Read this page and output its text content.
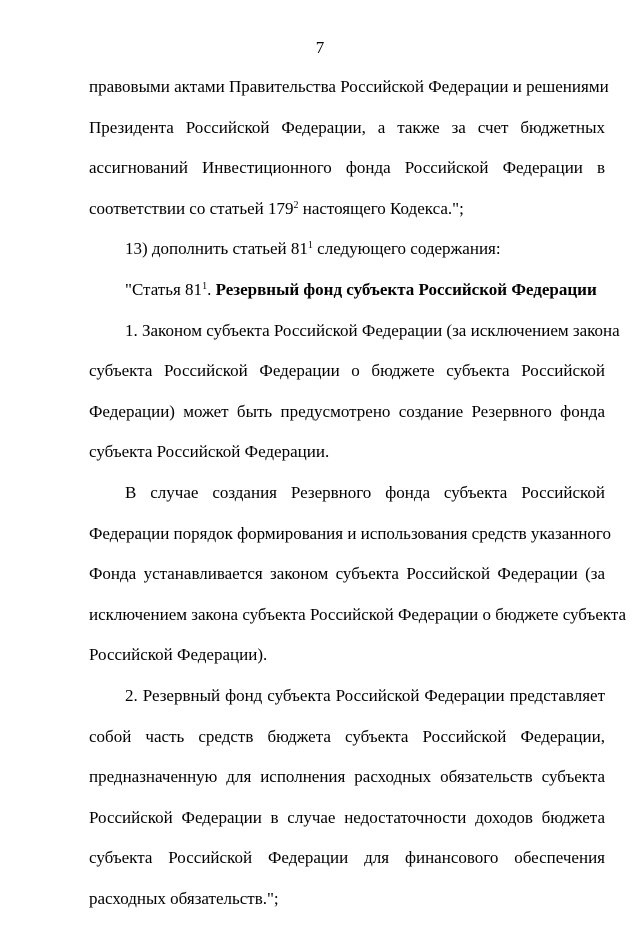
7
правовыми актами Правительства Российской Федерации и решениями
Президента Российской Федерации, а также за счет бюджетных
ассигнований Инвестиционного фонда Российской Федерации в
соответствии со статьей $179^2$ настоящего Кодекса.";
13) дополнить статьей $81^1$ следующего содержания:
"Статья $81^1$. Резервный фонд субъекта Российской Федерации
1. Законом субъекта Российской Федерации (за исключением закона
субъекта Российской Федерации о бюджете субъекта Российской
Федерации) может быть предусмотрено создание Резервного фонда
субъекта Российской Федерации.
В случае создания Резервного фонда субъекта Российской
Федерации порядок формирования и использования средств указанного
Фонда устанавливается законом субъекта Российской Федерации (за
исключением закона субъекта Российской Федерации о бюджете субъекта
Российской Федерации).
2. Резервный фонд субъекта Российской Федерации представляет
собой часть средств бюджета субъекта Российской Федерации,
предназначенную для исполнения расходных обязательств субъекта
Российской Федерации в случае недостаточности доходов бюджета
субъекта Российской Федерации для финансового обеспечения
расходных обязательств.";
